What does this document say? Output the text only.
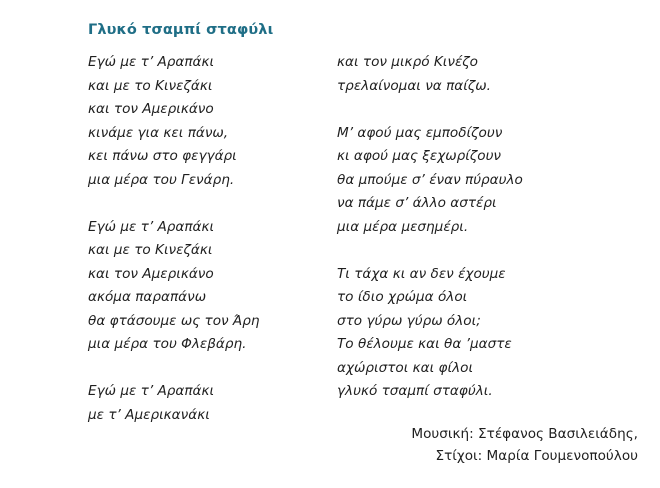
Γλυκό τσαμπί σταφύλι
Εγώ με τ’ Αραπάκι
και με το Κινεζάκι
και τον Αμερικάνο
κινάμε για κει πάνω,
κει πάνω στο φεγγάρι
μια μέρα του Γενάρη.
Εγώ με τ’ Αραπάκι
και με το Κινεζάκι
και τον Αμερικάνο
ακόμα παραπάνω
θα φτάσουμε ως τον Άρη
μια μέρα του Φλεβάρη.
Εγώ με τ’ Αραπάκι
με τ’ Αμερικανάκι
και τον μικρό Κινέζο
τρελαίνομαι να παίζω.
Μ’ αφού μας εμποδίζουν
κι αφού μας ξεχωρίζουν
θα μπούμε σ’ έναν πύραυλο
να πάμε σ’ άλλο αστέρι
μια μέρα μεσημέρι.
Τι τάχα κι αν δεν έχουμε
το ίδιο χρώμα όλοι
στο γύρω γύρω όλοι;
Το θέλουμε και θα ’μαστε
αχώριστοι και φίλοι
γλυκό τσαμπί σταφύλι.
Μουσική: Στέφανος Βασιλειάδης,
Στίχοι: Μαρία Γουμενοπούλου
